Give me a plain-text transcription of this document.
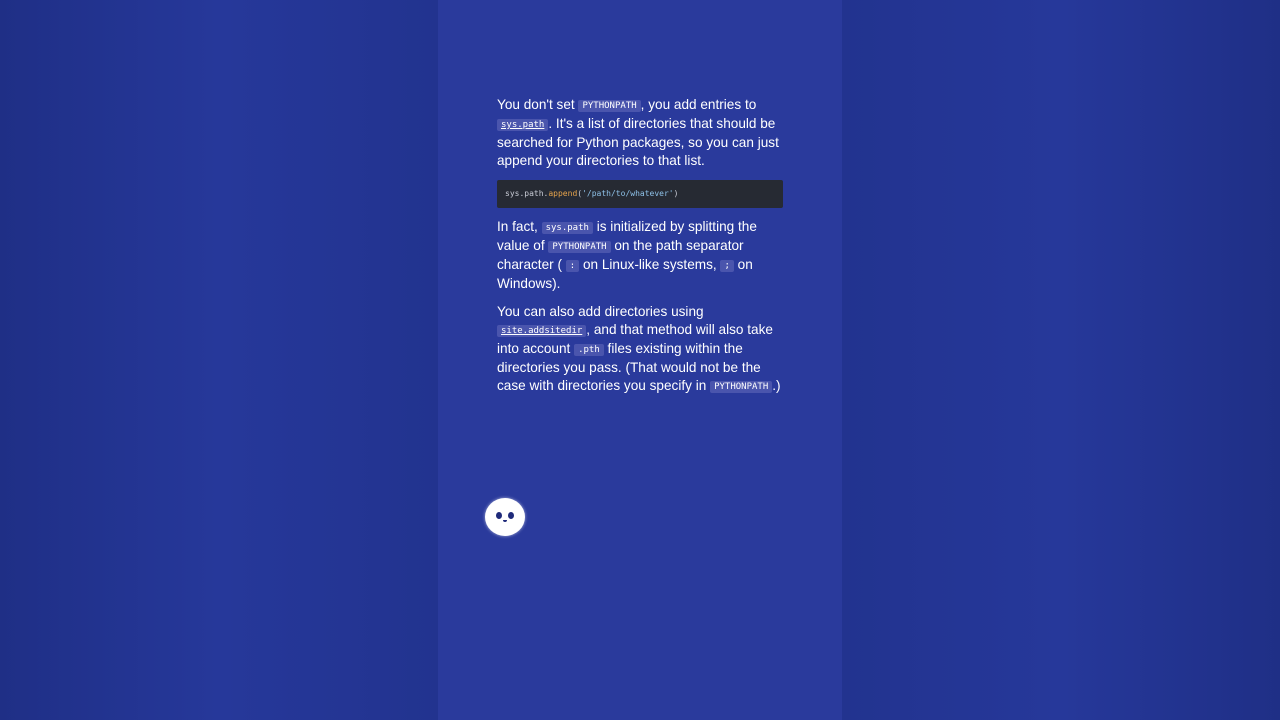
You don't set PYTHONPATH , you add entries to sys.path . It's a list of directories that should be searched for Python packages, so you can just append your directories to that list.

sys.path.append('/path/to/whatever')

In fact, sys.path is initialized by splitting the value of PYTHONPATH on the path separator character ( : on Linux-like systems, ; on Windows).

You can also add directories using site.addsitedir , and that method will also take into account .pth files existing within the directories you pass. (That would not be the case with directories you specify in PYTHONPATH .)
